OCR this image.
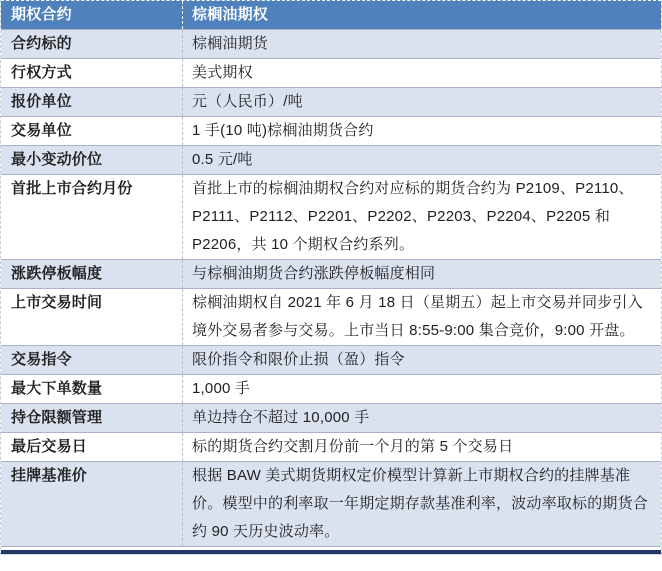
期权合约	棕榈油期权
合约标的	棕榈油期货
行权方式	美式期权
报价单位	元（人民币）/吨
交易单位	1 手(10 吨)棕榈油期货合约
最小变动价位	0.5 元/吨
首批上市合约月份	首批上市的棕榈油期权合约对应标的期货合约为 P2109、P2110、P2111、P2112、P2201、P2202、P2203、P2204、P2205 和 P2206，共 10 个期权合约系列。
涨跌停板幅度	与棕榈油期货合约涨跌停板幅度相同
上市交易时间	棕榈油期权自 2021 年 6 月 18 日（星期五）起上市交易并同步引入境外交易者参与交易。上市当日 8:55-9:00 集合竞价，9:00 开盘。
交易指令	限价指令和限价止损（盈）指令
最大下单数量	1,000 手
持仓限额管理	单边持仓不超过 10,000 手
最后交易日	标的期货合约交割月份前一个月的第 5 个交易日
挂牌基准价	根据 BAW 美式期货期权定价模型计算新上市期权合约的挂牌基准价。模型中的利率取一年期定期存款基准利率，波动率取标的期货合约 90 天历史波动率。
